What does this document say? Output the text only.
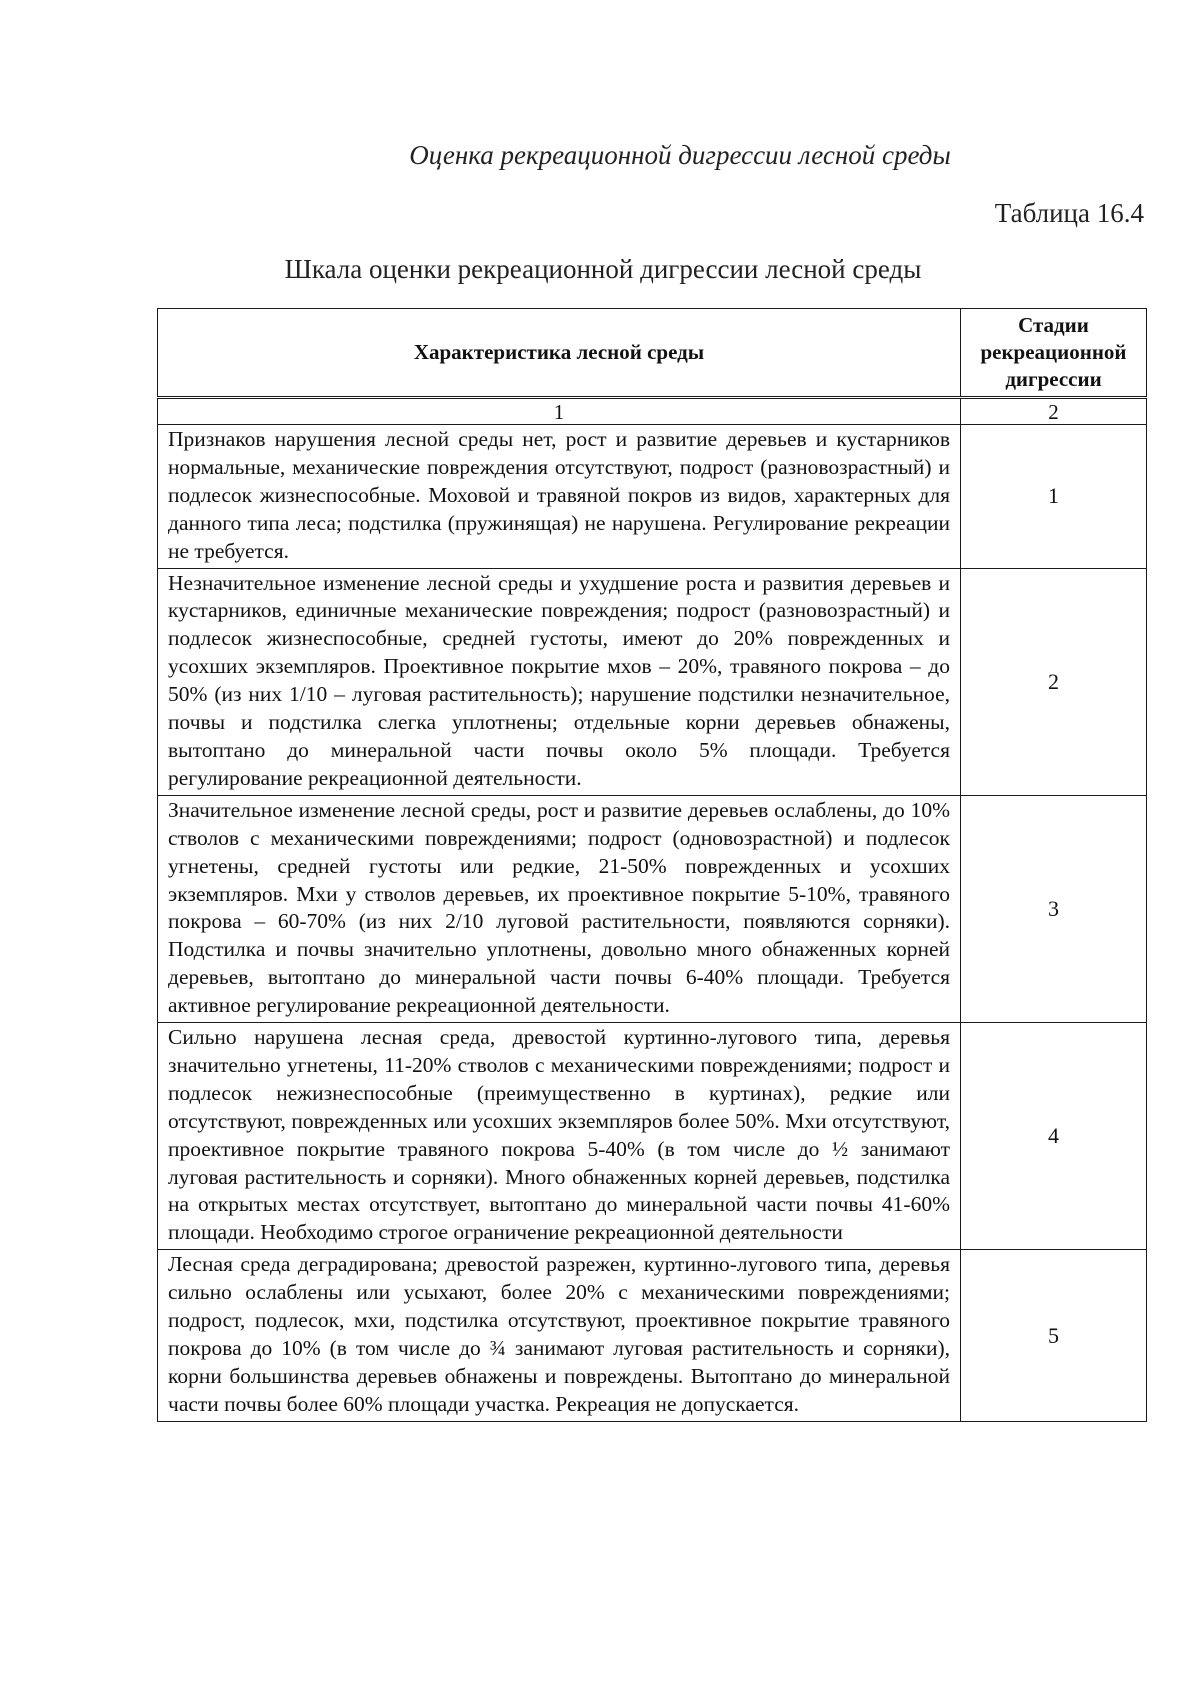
Оценка рекреационной дигрессии лесной среды
Таблица 16.4
Шкала оценки рекреационной дигрессии лесной среды
Характеристика лесной среды	Стадии рекреационной дигрессии
1	2
Признаков нарушения лесной среды нет, рост и развитие деревьев и кустарников нормальные, механические повреждения отсутствуют, подрост (разновозрастный) и подлесок жизнеспособные. Моховой и травяной покров из видов, характерных для данного типа леса; подстилка (пружинящая) не нарушена. Регулирование рекреации не требуется.	1
Незначительное изменение лесной среды и ухудшение роста и развития деревьев и кустарников, единичные механические повреждения; подрост (разновозрастный) и подлесок жизнеспособные, средней густоты, имеют до 20% поврежденных и усохших экземпляров. Проективное покрытие мхов – 20%, травяного покрова – до 50% (из них 1/10 – луговая растительность); нарушение подстилки незначительное, почвы и подстилка слегка уплотнены; отдельные корни деревьев обнажены, вытоптано до минеральной части почвы около 5% площади. Требуется регулирование рекреационной деятельности.	2
Значительное изменение лесной среды, рост и развитие деревьев ослаблены, до 10% стволов с механическими повреждениями; подрост (одновозрастной) и подлесок угнетены, средней густоты или редкие, 21-50% поврежденных и усохших экземпляров. Мхи у стволов деревьев, их проективное покрытие 5-10%, травяного покрова – 60-70% (из них 2/10 луговой растительности, появляются сорняки). Подстилка и почвы значительно уплотнены, довольно много обнаженных корней деревьев, вытоптано до минеральной части почвы 6-40% площади. Требуется активное регулирование рекреационной деятельности.	3
Сильно нарушена лесная среда, древостой куртинно-лугового типа, деревья значительно угнетены, 11-20% стволов с механическими повреждениями; подрост и подлесок нежизнеспособные (преимущественно в куртинах), редкие или отсутствуют, поврежденных или усохших экземпляров более 50%. Мхи отсутствуют, проективное покрытие травяного покрова 5-40% (в том числе до ½ занимают луговая растительность и сорняки). Много обнаженных корней деревьев, подстилка на открытых местах отсутствует, вытоптано до минеральной части почвы 41-60% площади. Необходимо строгое ограничение рекреационной деятельности	4
Лесная среда деградирована; древостой разрежен, куртинно-лугового типа, деревья сильно ослаблены или усыхают, более 20% с механическими повреждениями; подрост, подлесок, мхи, подстилка отсутствуют, проективное покрытие травяного покрова до 10% (в том числе до ¾ занимают луговая растительность и сорняки), корни большинства деревьев обнажены и повреждены. Вытоптано до минеральной части почвы более 60% площади участка. Рекреация не допускается.	5
